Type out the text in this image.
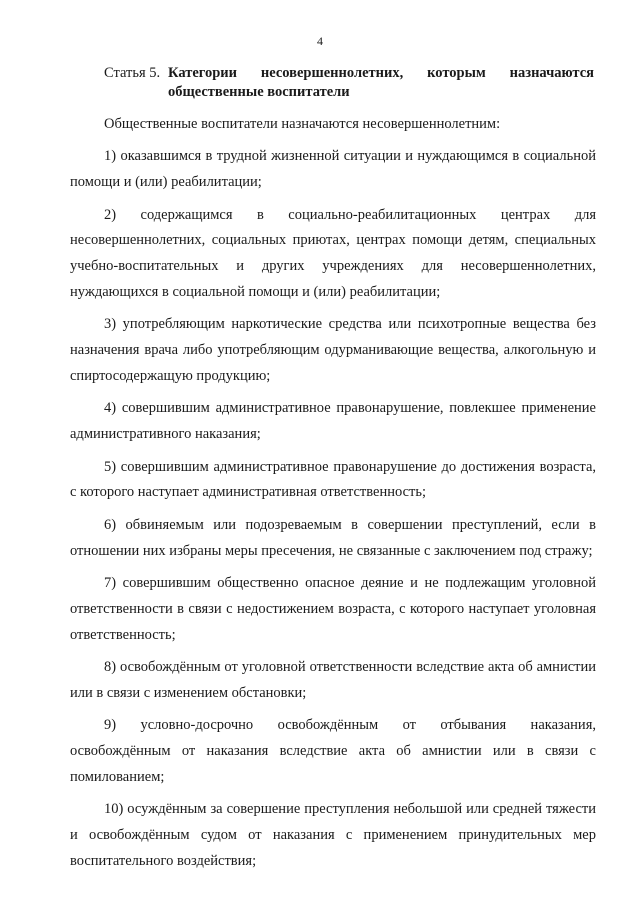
4
Статья 5. Категории несовершеннолетних, которым назначаются
общественные воспитатели

Общественные воспитатели назначаются несовершеннолетним:

1) оказавшимся в трудной жизненной ситуации и нуждающимся в социальной помощи и (или) реабилитации;

2) содержащимся в социально-реабилитационных центрах для несовершеннолетних, социальных приютах, центрах помощи детям, специальных учебно-воспитательных и других учреждениях для несовершеннолетних, нуждающихся в социальной помощи и (или) реабилитации;

3) употребляющим наркотические средства или психотропные вещества без назначения врача либо употребляющим одурманивающие вещества, алкогольную и спиртосодержащую продукцию;

4) совершившим административное правонарушение, повлекшее применение административного наказания;

5) совершившим административное правонарушение до достижения возраста, с которого наступает административная ответственность;

6) обвиняемым или подозреваемым в совершении преступлений, если в отношении них избраны меры пресечения, не связанные с заключением под стражу;

7) совершившим общественно опасное деяние и не подлежащим уголовной ответственности в связи с недостижением возраста, с которого наступает уголовная ответственность;

8) освобождённым от уголовной ответственности вследствие акта об амнистии или в связи с изменением обстановки;

9) условно-досрочно освобождённым от отбывания наказания, освобождённым от наказания вследствие акта об амнистии или в связи с помилованием;

10) осуждённым за совершение преступления небольшой или средней тяжести и освобождённым судом от наказания с применением принудительных мер воспитательного воздействия;
